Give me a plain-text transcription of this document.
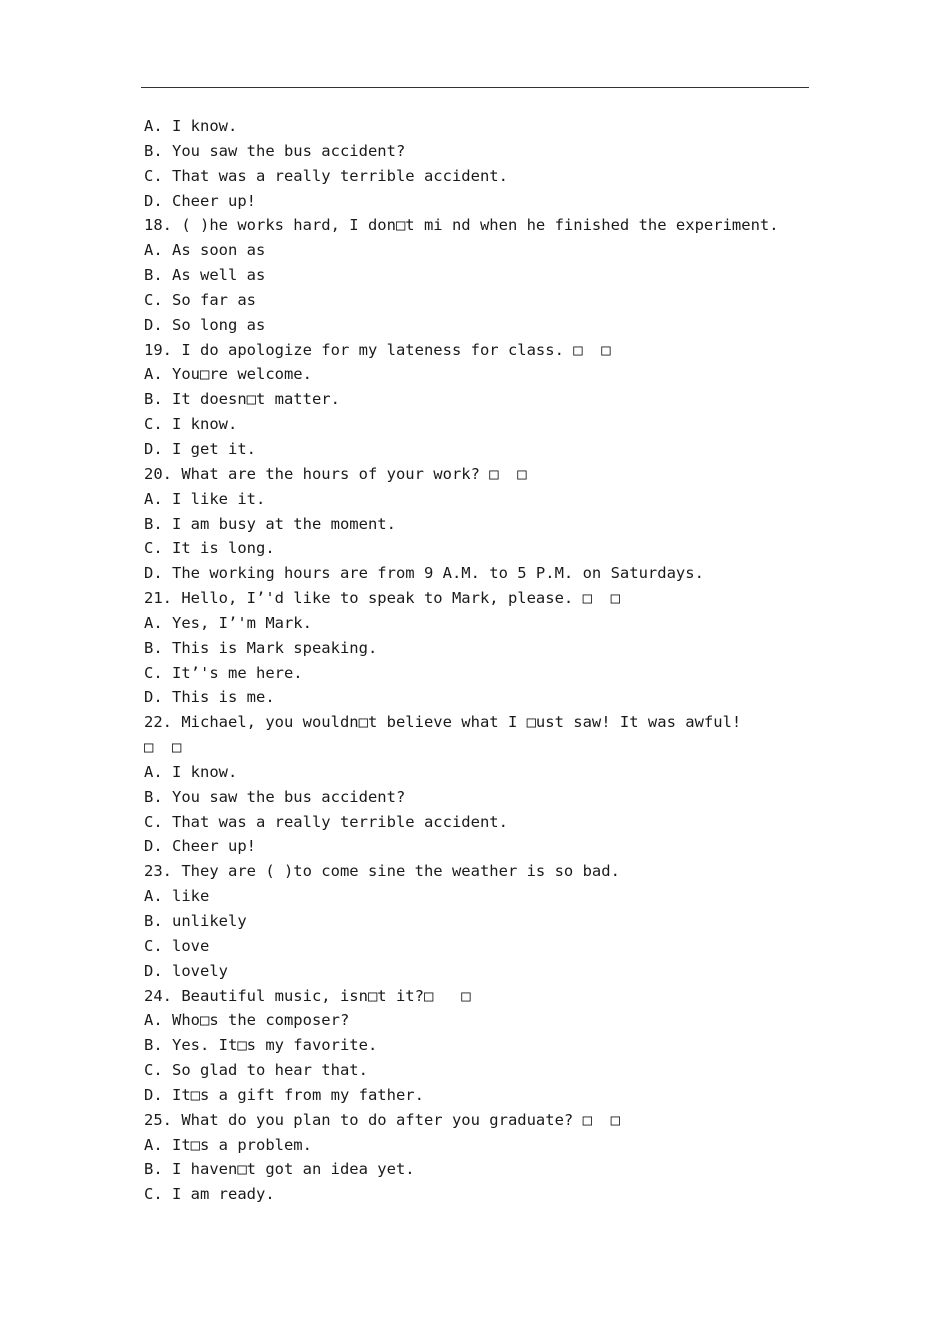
A. I know.
B. You saw the bus accident?
C. That was a really terrible accident.
D. Cheer up!
18. ( )he works hard, I don□t mi nd when he finished the experiment.
A. As soon as
B. As well as
C. So far as
D. So long as
19. I do apologize for my lateness for class. □  □
A. You□re welcome.
B. It doesn□t matter.
C. I know.
D. I get it.
20. What are the hours of your work? □  □
A. I like it.
B. I am busy at the moment.
C. It is long.
D. The working hours are from 9 A.M. to 5 P.M. on Saturdays.
21. Hello, I’'d like to speak to Mark, please. □  □
A. Yes, I’'m Mark.
B. This is Mark speaking.
C. It’'s me here.
D. This is me.
22. Michael, you wouldn□t believe what I □ust saw! It was awful!
□  □
A. I know.
B. You saw the bus accident?
C. That was a really terrible accident.
D. Cheer up!
23. They are ( )to come sine the weather is so bad.
A. like
B. unlikely
C. love
D. lovely
24. Beautiful music, isn□t it?□   □
A. Who□s the composer?
B. Yes. It□s my favorite.
C. So glad to hear that.
D. It□s a gift from my father.
25. What do you plan to do after you graduate? □  □
A. It□s a problem.
B. I haven□t got an idea yet.
C. I am ready.
